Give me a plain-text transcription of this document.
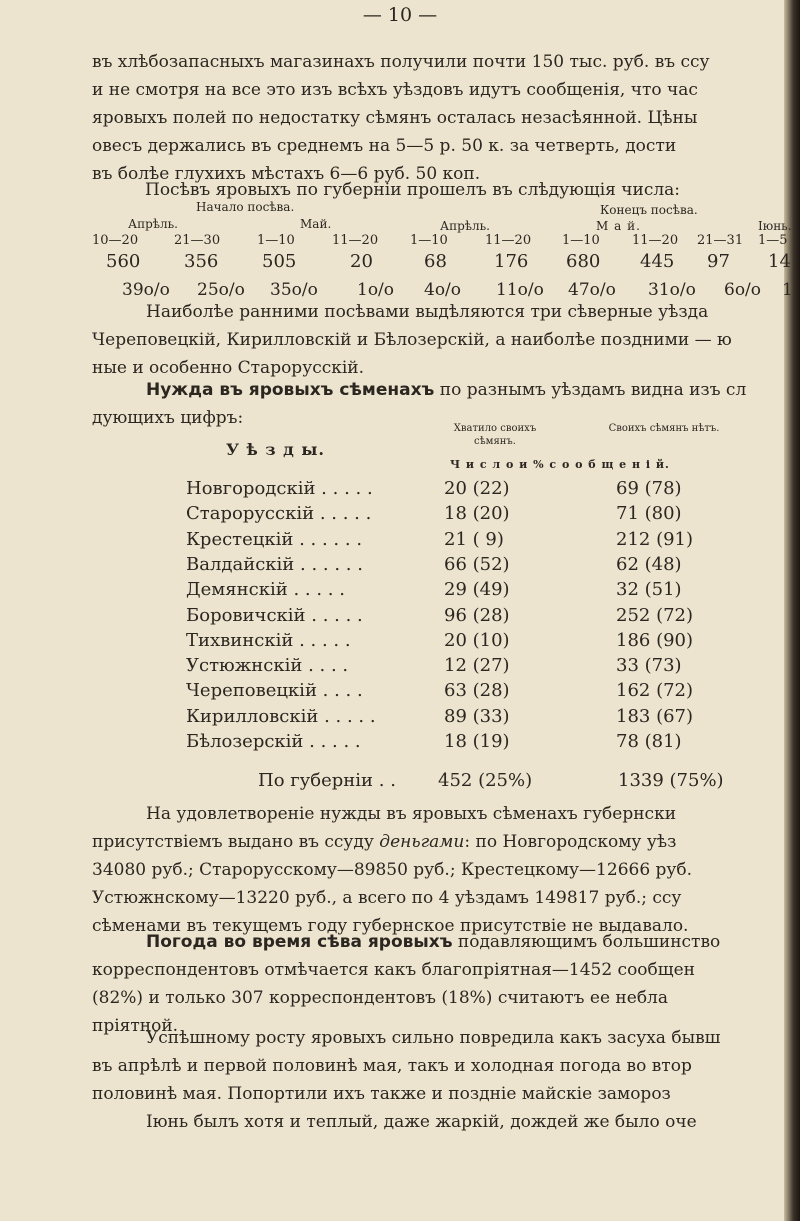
— 10 —
въ хлѣбозапасныхъ магазинахъ получили почти 150 тыс. руб. въ ссу
и не смотря на все это изъ всѣхъ уѣздовъ идутъ сообщенія, что час
яровыхъ полей по недостатку сѣмянъ осталась незасѣянной. Цѣны
овесъ держались въ среднемъ на 5—5 р. 50 к. за четверть, дости
въ болѣе глухихъ мѣстахъ 6—6 руб. 50 коп.
Посѣвъ яровыхъ по губерніи прошелъ въ слѣдующія числа:
Начало посѣва.	Конецъ посѣва.
Апрѣль.	Май.	Апрѣль.	М а й.	Іюнь.
10—20	21—30	1—10	11—20 1—10	11—20 1—10 11—20 21—31 1—5
560 356 505	20	68	176 680 445 97 14
39о/о 25о/о 35о/о 1о/о 4о/о 11о/о 47о/о 31о/о 6о/о 1
Наиболѣе ранними посѣвами выдѣляются три сѣверные уѣзда
Череповецкій, Кирилловскій и Бѣлозерскій, а наиболѣе поздними — ю
ные и особенно Старорусскій.
Нужда въ яровыхъ сѣменахъ по разнымъ уѣздамъ видна изъ сл
дующихъ цифръ:
У ѣ з д ы.
Хватило своихъ сѣмянъ.
Своихъ сѣмянъ нѣтъ.
Ч и с л о и % с о о б щ е н і й.
Новгородскій . . . . .	20 (22)	69 (78)
Старорусскій . . . . .	18 (20)	71 (80)
Крестецкій . . . . . .	21 ( 9)	212 (91)
Валдайскій . . . . . .	66 (52)	62 (48)
Демянскій . . . . .	29 (49)	32 (51)
Боровичскій . . . . .	96 (28)	252 (72)
Тихвинскій . . . . .	20 (10)	186 (90)
Устюжнскій . . . .	12 (27)	33 (73)
Череповецкій . . . .	63 (28)	162 (72)
Кирилловскій . . . . .	89 (33)	183 (67)
Бѣлозерскій . . . . .	18 (19)	78 (81)
По губерніи . . 452 (25%)	1339 (75%)
На удовлетвореніе нужды въ яровыхъ сѣменахъ губернски
присутствіемъ выдано въ ссуду деньгами: по Новгородскому уѣз
34080 руб.; Старорусскому—89850 руб.; Крестецкому—12666 руб.
Устюжнскому—13220 руб., а всего по 4 уѣздамъ 149817 руб.; ссу
сѣменами въ текущемъ году губернское присутствіе не выдавало.
Погода во время сѣва яровыхъ подавляющимъ большинство
корреспондентовъ отмѣчается какъ благопріятная—1452 сообщен
(82%) и только 307 корреспондентовъ (18%) считаютъ ее небла
пріятной.
Успѣшному росту яровыхъ сильно повредила какъ засуха бывш
въ апрѣлѣ и первой половинѣ мая, такъ и холодная погода во втор
половинѣ мая. Попортили ихъ также и поздніе майскіе замороз
Іюнь былъ хотя и теплый, даже жаркій, дождей же было оче
